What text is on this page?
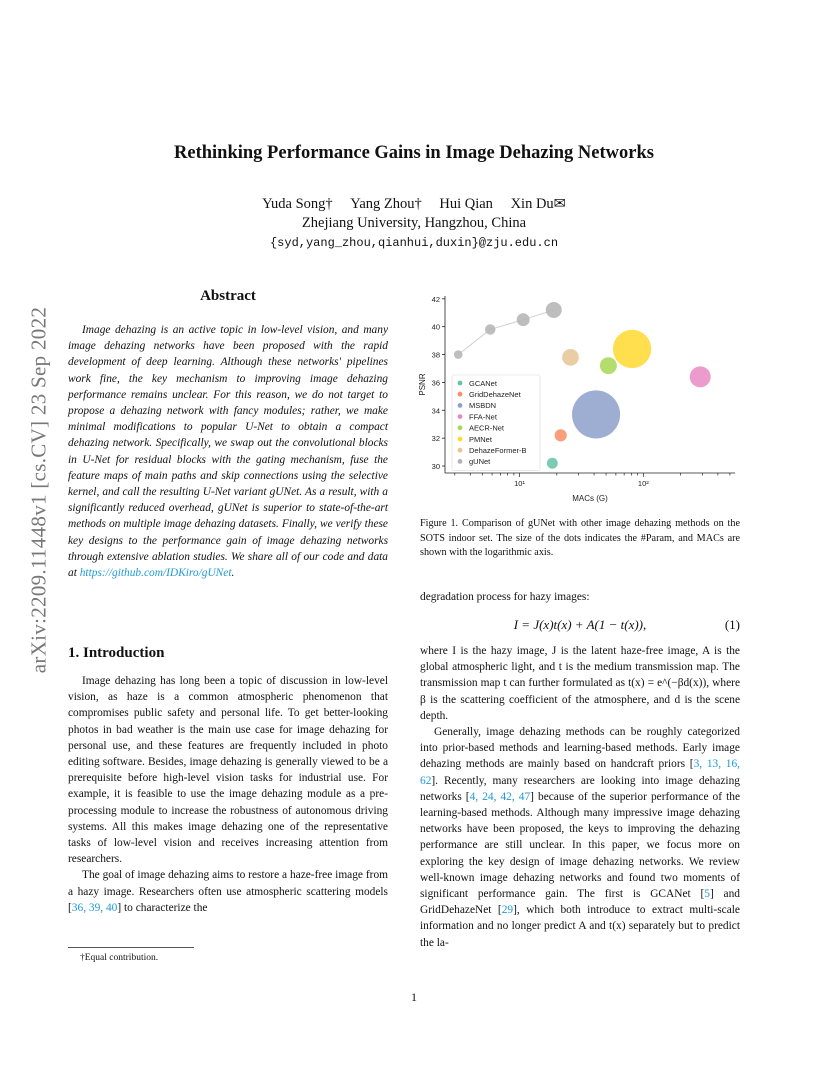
Rethinking Performance Gains in Image Dehazing Networks
Yuda Song† Yang Zhou† Hui Qian Xin Du✉
Zhejiang University, Hangzhou, China
{syd,yang_zhou,qianhui,duxin}@zju.edu.cn
arXiv:2209.11448v1 [cs.CV] 23 Sep 2022
Abstract
Image dehazing is an active topic in low-level vision, and many image dehazing networks have been proposed with the rapid development of deep learning. Although these networks' pipelines work fine, the key mechanism to improving image dehazing performance remains unclear. For this reason, we do not target to propose a dehazing network with fancy modules; rather, we make minimal modifications to popular U-Net to obtain a compact dehazing network. Specifically, we swap out the convolutional blocks in U-Net for residual blocks with the gating mechanism, fuse the feature maps of main paths and skip connections using the selective kernel, and call the resulting U-Net variant gUNet. As a result, with a significantly reduced overhead, gUNet is superior to state-of-the-art methods on multiple image dehazing datasets. Finally, we verify these key designs to the performance gain of image dehazing networks through extensive ablation studies. We share all of our code and data at https://github.com/IDKiro/gUNet.
1. Introduction

Image dehazing has long been a topic of discussion in low-level vision, as haze is a common atmospheric phenomenon that compromises public safety and personal life. To get better-looking photos in bad weather is the main use case for image dehazing for personal use, and these features are frequently included in photo editing software. Besides, image dehazing is generally viewed to be a prerequisite before high-level vision tasks for industrial use. For example, it is feasible to use the image dehazing module as a pre-processing module to increase the robustness of autonomous driving systems. All this makes image dehazing one of the representative tasks of low-level vision and receives increasing attention from researchers.

The goal of image dehazing aims to restore a haze-free image from a hazy image. Researchers often use atmospheric scattering models [36, 39, 40] to characterize the

†Equal contribution.
1
30
32
34
36
38
40
42
10¹	10²
MACs (G)
PSNR	GCANet
GridDehazeNet
MSBDN
FFA-Net
AECR-Net
PMNet
DehazeFormer-B
gUNet
Figure 1. Comparison of gUNet with other image dehazing methods on the SOTS indoor set. The size of the dots indicates the #Param, and MACs are shown with the logarithmic axis.

degradation process for hazy images:

I = J(x)t(x) + A(1 − t(x)),	(1)

where I is the hazy image, J is the latent haze-free image, A is the global atmospheric light, and t is the medium transmission map. The transmission map t can further formulated as t(x) = e^(−βd(x)), where β is the scattering coefficient of the atmosphere, and d is the scene depth.

Generally, image dehazing methods can be roughly categorized into prior-based methods and learning-based methods. Early image dehazing methods are mainly based on handcraft priors [3, 13, 16, 62]. Recently, many researchers are looking into image dehazing networks [4, 24, 42, 47] because of the superior performance of the learning-based methods. Although many impressive image dehazing networks have been proposed, the keys to improving the dehazing performance are still unclear. In this paper, we focus more on exploring the key design of image dehazing networks. We review well-known image dehazing networks and found two moments of significant performance gain. The first is GCANet [5] and GridDehazeNet [29], which both introduce to extract multi-scale information and no longer predict A and t(x) separately but to predict the la-
